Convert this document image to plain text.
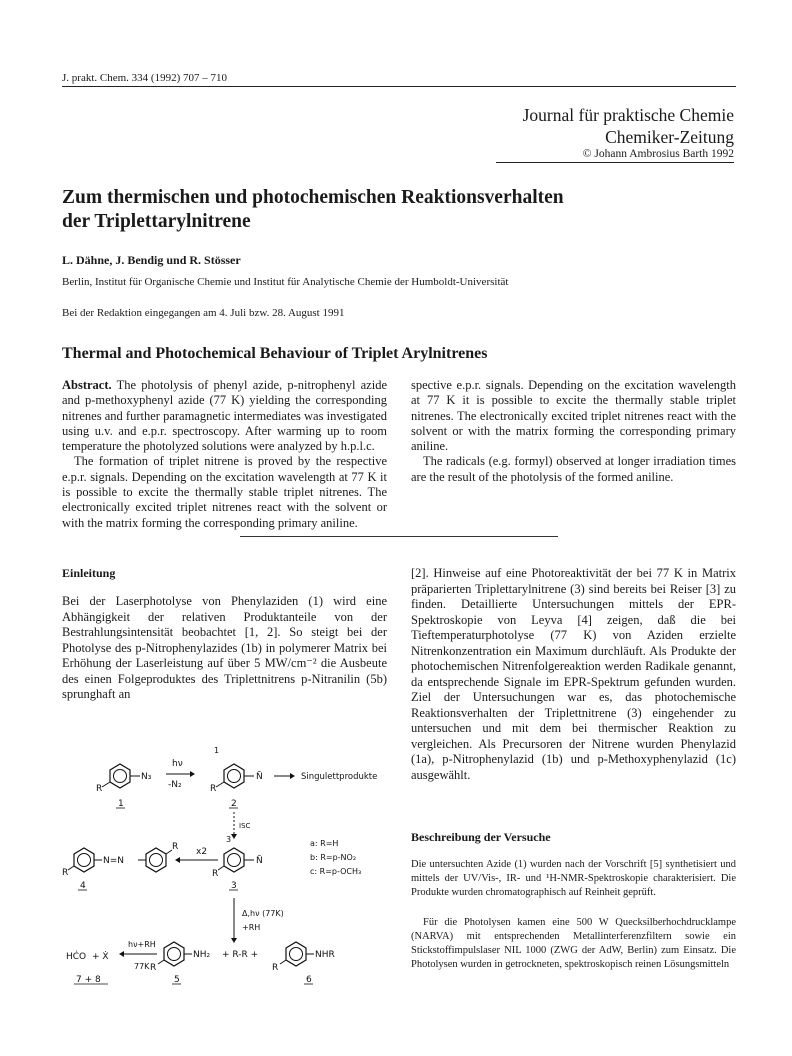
J. prakt. Chem. 334 (1992) 707 – 710
Journal für praktische Chemie
Chemiker-Zeitung
© Johann Ambrosius Barth 1992
Zum thermischen und photochemischen Reaktionsverhalten
der Triplettarylnitrene
L. Dähne, J. Bendig und R. Stösser
Berlin, Institut für Organische Chemie und Institut für Analytische Chemie der Humboldt-Universität
Bei der Redaktion eingegangen am 4. Juli bzw. 28. August 1991
Thermal and Photochemical Behaviour of Triplet Arylnitrenes

Abstract. The photolysis of phenyl azide, p-nitrophenyl azide and p-methoxyphenyl azide (77 K) yielding the corresponding nitrenes and further paramagnetic intermediates was investigated using u.v. and e.p.r. spectroscopy. After warming up to room temperature the photolyzed solutions were analyzed by h.p.l.c.

The formation of triplet nitrene is proved by the respective e.p.r. signals. Depending on the excitation wavelength at 77 K it is possible to excite the thermally stable triplet nitrenes. The electronically excited triplet nitrenes react with the solvent or with the matrix forming the corresponding primary aniline.

spective e.p.r. signals. Depending on the excitation wavelength at 77 K it is possible to excite the thermally stable triplet nitrenes. The electronically excited triplet nitrenes react with the solvent or with the matrix forming the corresponding primary aniline.

The radicals (e.g. formyl) observed at longer irradiation times are the result of the photolysis of the formed aniline.

Einleitung
Bei der Laserphotolyse von Phenylaziden (1) wird eine Abhängigkeit der relativen Produktanteile von der Bestrahlungsintensität beobachtet [1, 2]. So steigt bei der Photolyse des p-Nitrophenylazides (1b) in polymerer Matrix bei Erhöhung der Laserleistung auf über 5 MW/cm⁻² die Ausbeute des einen Folgeproduktes des Triplettnitrens p-Nitranilin (5b) sprunghaft an
R
N₃
1
hν
-N₂
1
R
N̄	Singulettprodukte
2
ISC
N=N
R
R
4
x2
3
N̄
R
3
a: R=H
b: R=p-NO₂
c: R=p-OCH₃
Δ,hν (77K)
+RH
HĊO + Ẋ
hν+RH
77K R
NH₂
5
+ R-R +
R
NHR
6
7 + 8
[2]. Hinweise auf eine Photoreaktivität der bei 77 K in Matrix präparierten Triplettarylnitrene (3) sind bereits bei Reiser [3] zu finden. Detaillierte Untersuchungen mittels der EPR-Spektroskopie von Leyva [4] zeigen, daß die bei Tieftemperaturphotolyse (77 K) von Aziden erzielte Nitrenkonzentration ein Maximum durchläuft. Als Produkte der photochemischen Nitrenfolgereaktion werden Radikale genannt, da entsprechende Signale im EPR-Spektrum gefunden wurden. Ziel der Untersuchungen war es, das photochemische Reaktionsverhalten der Triplettnitrene (3) eingehender zu untersuchen und mit dem bei thermischer Reaktion zu vergleichen. Als Precursoren der Nitrene wurden Phenylazid (1a), p-Nitrophenylazid (1b) und p-Methoxyphenylazid (1c) ausgewählt.
Beschreibung der Versuche
Die untersuchten Azide (1) wurden nach der Vorschrift [5] synthetisiert und mittels der UV/Vis-, IR- und ¹H-NMR-Spektroskopie charakterisiert. Die Produkte wurden chromatographisch auf Reinheit geprüft.
Für die Photolysen kamen eine 500 W Quecksilberhochdrucklampe (NARVA) mit entsprechenden Metallinterferenzfiltern sowie ein Stickstoffimpulslaser NIL 1000 (ZWG der AdW, Berlin) zum Einsatz. Die Photolysen wurden in getrockneten, spektroskopisch reinen Lösungsmitteln
